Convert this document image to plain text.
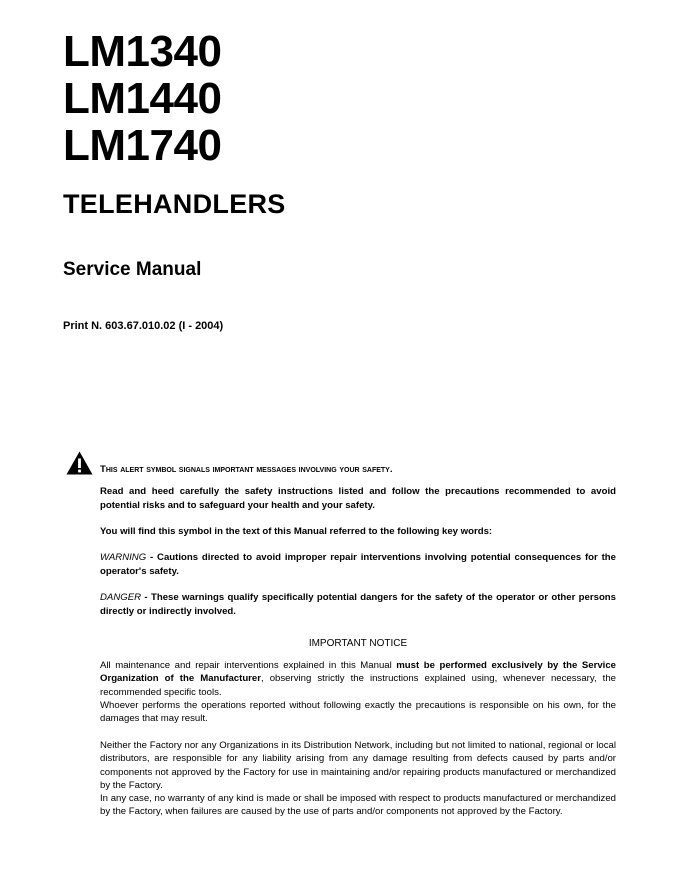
LM1340
LM1440
LM1740
TELEHANDLERS
Service Manual

Print N. 603.67.010.02 (I - 2004)

This alert symbol signals important messages involving your safety.

Read and heed carefully the safety instructions listed and follow the precautions recommended to avoid potential risks and to safeguard your health and your safety.

You will find this symbol in the text of this Manual referred to the following key words:

WARNING - Cautions directed to avoid improper repair interventions involving potential consequences for the operator's safety.

DANGER - These warnings qualify specifically potential dangers for the safety of the operator or other persons directly or indirectly involved.

IMPORTANT NOTICE

All maintenance and repair interventions explained in this Manual must be performed exclusively by the Service Organization of the Manufacturer, observing strictly the instructions explained using, whenever necessary, the recommended specific tools.
Whoever performs the operations reported without following exactly the precautions is responsible on his own, for the damages that may result.
Neither the Factory nor any Organizations in its Distribution Network, including but not limited to national, regional or local distributors, are responsible for any liability arising from any damage resulting from defects caused by parts and/or components not approved by the Factory for use in maintaining and/or repairing products manufactured or merchandized by the Factory.
In any case, no warranty of any kind is made or shall be imposed with respect to products manufactured or merchandized by the Factory, when failures are caused by the use of parts and/or components not approved by the Factory.
